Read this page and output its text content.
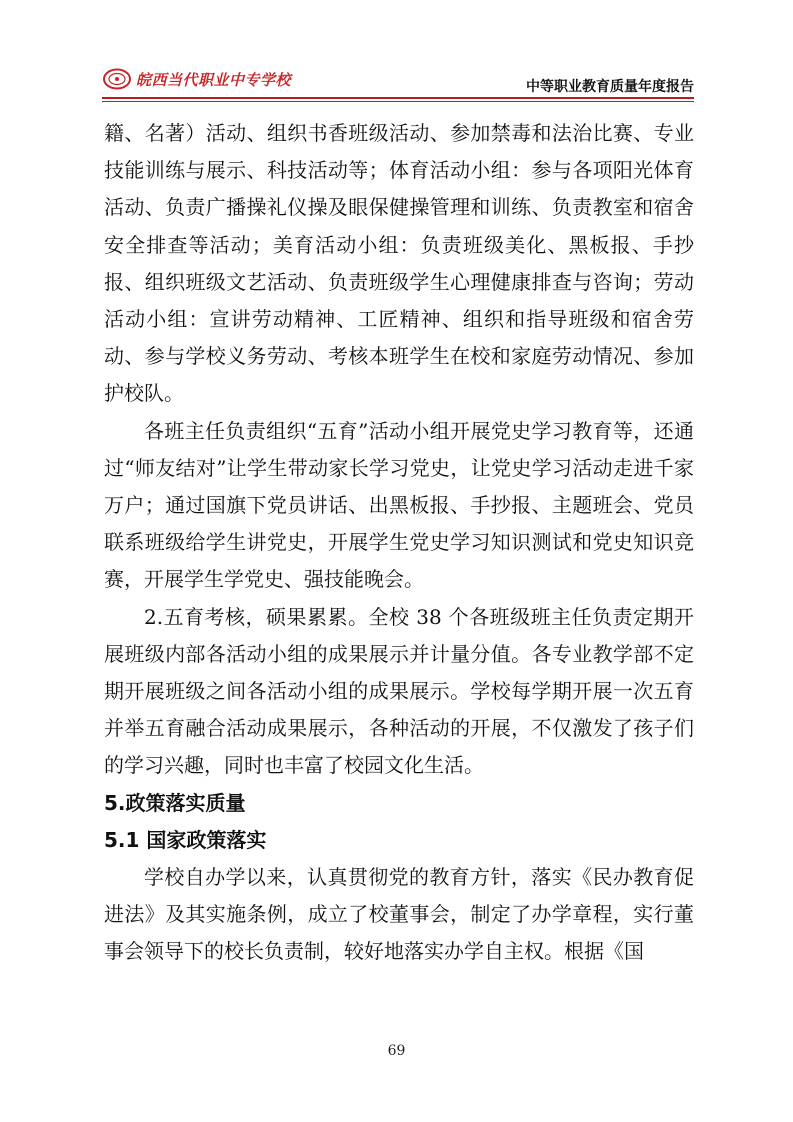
皖西当代职业中专学校	中等职业教育质量年度报告

籍、名著）活动、组织书香班级活动、参加禁毒和法治比赛、专业技能训练与展示、科技活动等；体育活动小组：参与各项阳光体育活动、负责广播操礼仪操及眼保健操管理和训练、负责教室和宿舍安全排查等活动；美育活动小组：负责班级美化、黑板报、手抄报、组织班级文艺活动、负责班级学生心理健康排查与咨询；劳动活动小组：宣讲劳动精神、工匠精神、组织和指导班级和宿舍劳动、参与学校义务劳动、考核本班学生在校和家庭劳动情况、参加护校队。

各班主任负责组织“五育”活动小组开展党史学习教育等，还通过“师友结对”让学生带动家长学习党史，让党史学习活动走进千家万户；通过国旗下党员讲话、出黑板报、手抄报、主题班会、党员联系班级给学生讲党史，开展学生党史学习知识测试和党史知识竞赛，开展学生学党史、强技能晚会。

2.五育考核，硕果累累。全校 38 个各班级班主任负责定期开展班级内部各活动小组的成果展示并计量分值。各专业教学部不定期开展班级之间各活动小组的成果展示。学校每学期开展一次五育并举五育融合活动成果展示，各种活动的开展，不仅激发了孩子们的学习兴趣，同时也丰富了校园文化生活。

5.政策落实质量
5.1 国家政策落实

学校自办学以来，认真贯彻党的教育方针，落实《民办教育促进法》及其实施条例，成立了校董事会，制定了办学章程，实行董事会领导下的校长负责制，较好地落实办学自主权。根据《国

69
